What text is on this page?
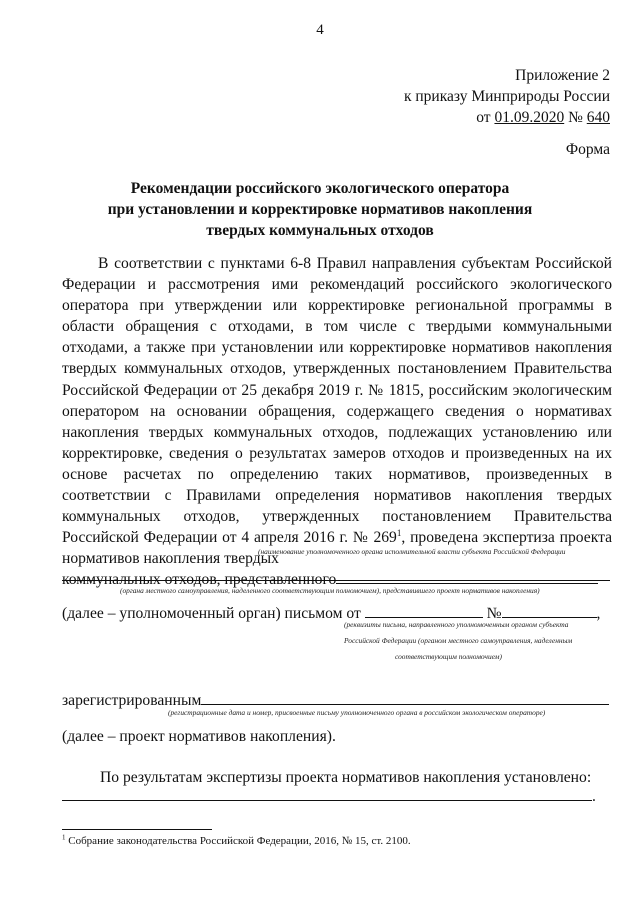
4
Приложение 2
к приказу Минприроды России
от 01.09.2020 № 640
Форма
Рекомендации российского экологического оператора
при установлении и корректировке нормативов накопления
твердых коммунальных отходов
В соответствии с пунктами 6-8 Правил направления субъектам Российской Федерации и рассмотрения ими рекомендаций российского экологического оператора при утверждении или корректировке региональной программы в области обращения с отходами, в том числе с твердыми коммунальными отходами, а также при установлении или корректировке нормативов накопления твердых коммунальных отходов, утвержденных постановлением Правительства Российской Федерации от 25 декабря 2019 г. № 1815, российским экологическим оператором на основании обращения, содержащего сведения о нормативах накопления твердых коммунальных отходов, подлежащих установлению или корректировке, сведения о результатах замеров отходов и произведенных на их основе расчетах по определению таких нормативов, произведенных в соответствии с Правилами определения нормативов накопления твердых коммунальных отходов, утвержденных постановлением Правительства Российской Федерации от 4 апреля 2016 г. № $269^1$, проведена экспертиза проекта нормативов накопления твердых
коммунальных отходов, представленного
(наименование уполномоченного органа исполнительной власти субъекта Российской Федерации
(органа местного самоуправления, наделенного соответствующим полномочием), представившего проект нормативов накопления)
(далее – уполномоченный орган) письмом от	№	,
(реквизиты письма, направленного уполномоченным органом субъекта
Российской Федерации (органом местного самоуправления, наделенным
соответствующим полномочием)
зарегистрированным
(регистрационные дата и номер, присвоенные письму уполномоченного органа в российском экологическом операторе)
(далее – проект нормативов накопления).
По результатам экспертизы проекта нормативов накопления установлено:
.
$^1$ Собрание законодательства Российской Федерации, 2016, № 15, ст. 2100.
